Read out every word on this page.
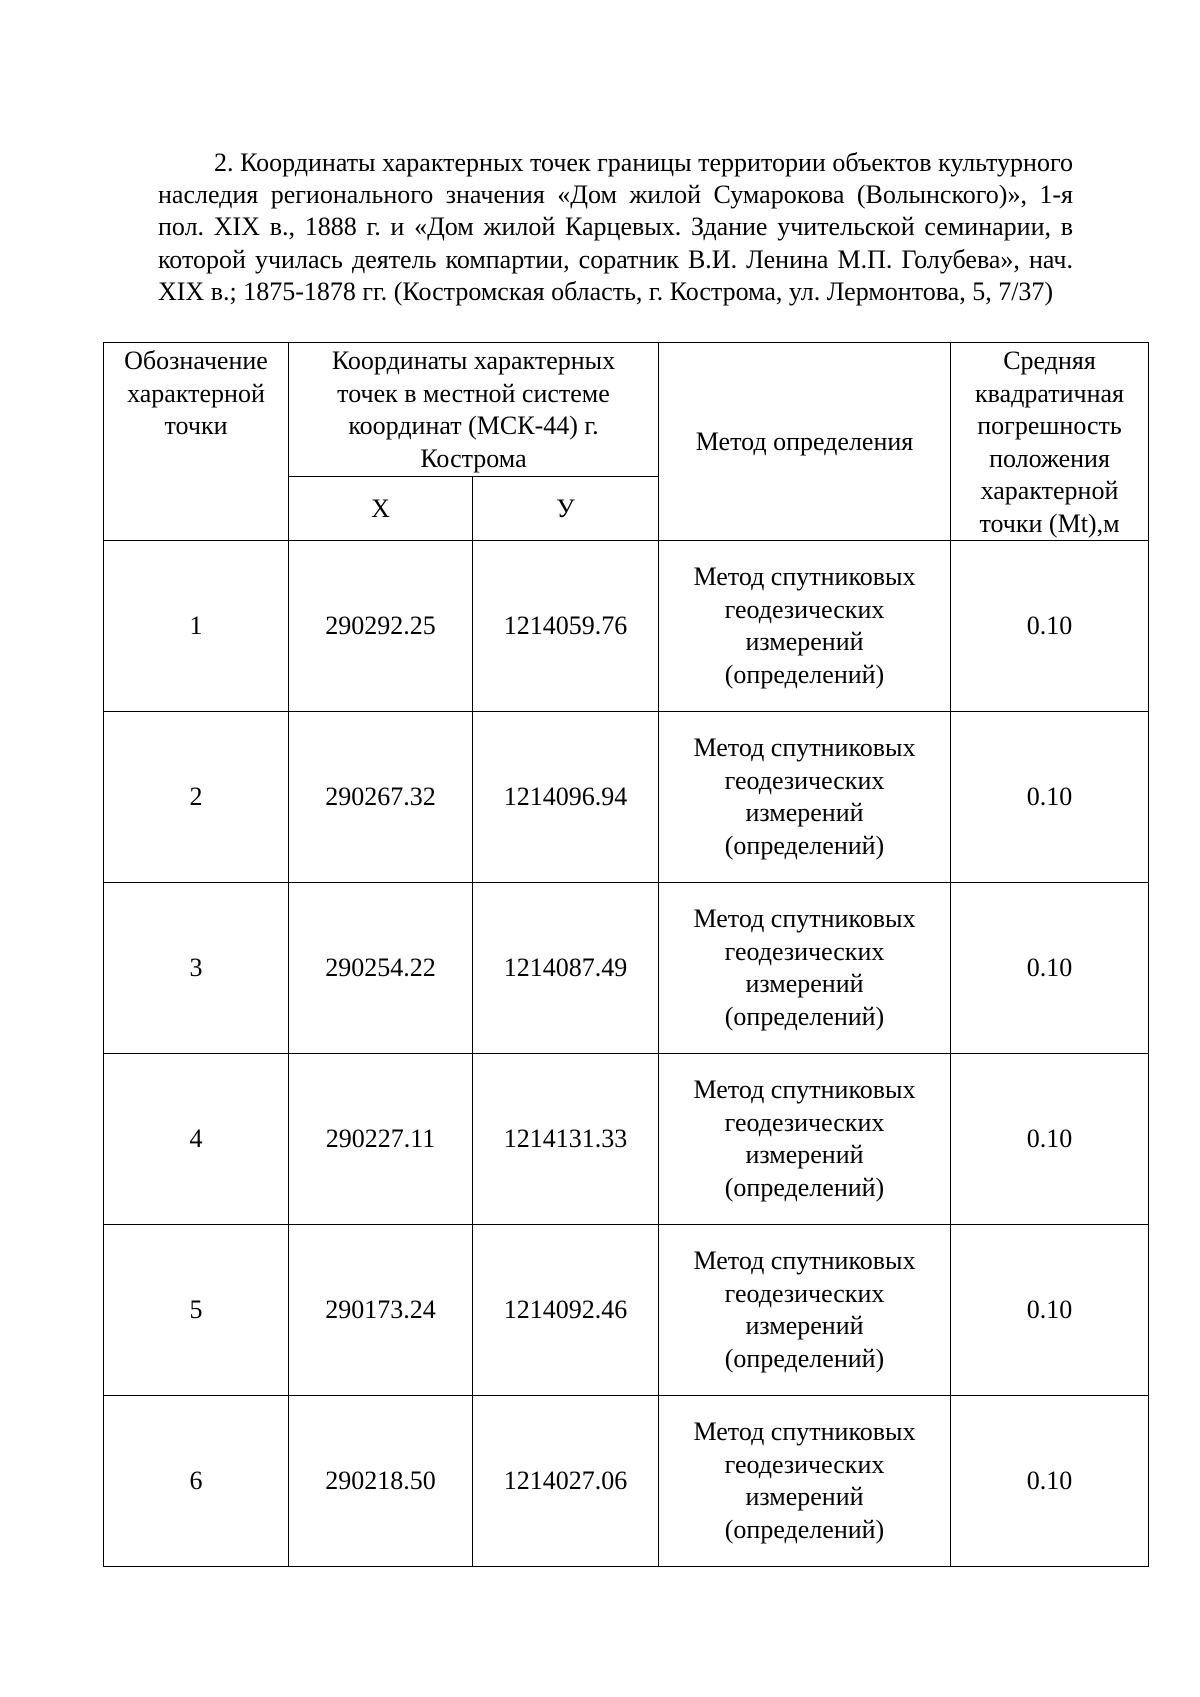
2. Координаты характерных точек границы территории объектов культурного наследия регионального значения «Дом жилой Сумарокова (Волынского)», 1-я пол. XIX в., 1888 г. и «Дом жилой Карцевых. Здание учительской семинарии, в которой училась деятель компартии, соратник В.И. Ленина М.П. Голубева», нач. XIX в.; 1875-1878 гг. (Костромская область, г. Кострома, ул. Лермонтова, 5, 7/37)

Обозначение характерной точки	Координаты характерных точек в местной системе координат (МСК-44) г. Кострома		Метод определения	Средняя квадратичная погрешность положения характерной точки (Mt),м
	X	У		
1	290292.25	1214059.76	Метод спутниковых геодезических измерений (определений)	0.10
2	290267.32	1214096.94	Метод спутниковых геодезических измерений (определений)	0.10
3	290254.22	1214087.49	Метод спутниковых геодезических измерений (определений)	0.10
4	290227.11	1214131.33	Метод спутниковых геодезических измерений (определений)	0.10
5	290173.24	1214092.46	Метод спутниковых геодезических измерений (определений)	0.10
6	290218.50	1214027.06	Метод спутниковых геодезических измерений (определений)	0.10
